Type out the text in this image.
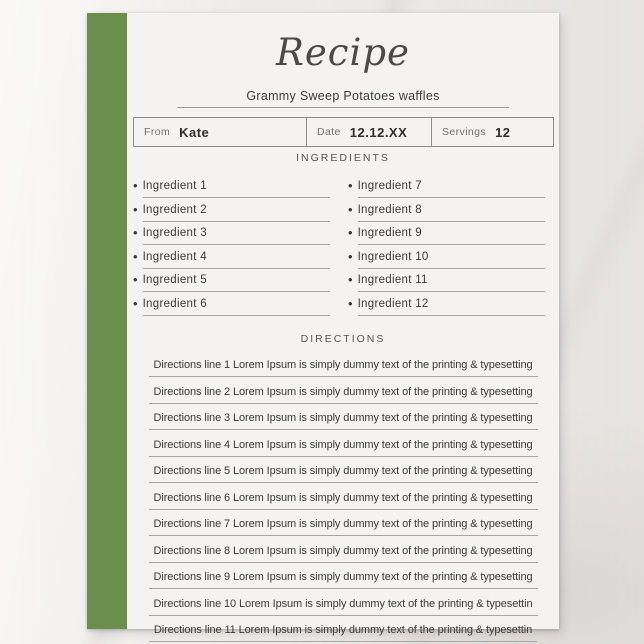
Recipe
Grammy Sweep Potatoes waffles
From Kate	Date 12.12.XX	Servings 12
INGREDIENTS
• Ingredient 1
• Ingredient 2
• Ingredient 3
• Ingredient 4
• Ingredient 5
• Ingredient 6
• Ingredient 7
• Ingredient 8
• Ingredient 9
• Ingredient 10
• Ingredient 11
• Ingredient 12
DIRECTIONS
Directions line 1 Lorem Ipsum is simply dummy text of the printing & typesetting
Directions line 2 Lorem Ipsum is simply dummy text of the printing & typesetting
Directions line 3 Lorem Ipsum is simply dummy text of the printing & typesetting
Directions line 4 Lorem Ipsum is simply dummy text of the printing & typesetting
Directions line 5 Lorem Ipsum is simply dummy text of the printing & typesetting
Directions line 6 Lorem Ipsum is simply dummy text of the printing & typesetting
Directions line 7 Lorem Ipsum is simply dummy text of the printing & typesetting
Directions line 8 Lorem Ipsum is simply dummy text of the printing & typesetting
Directions line 9 Lorem Ipsum is simply dummy text of the printing & typesetting
Directions line 10 Lorem Ipsum is simply dummy text of the printing & typesettin
Directions line 11 Lorem Ipsum is simply dummy text of the printing & typesettin
